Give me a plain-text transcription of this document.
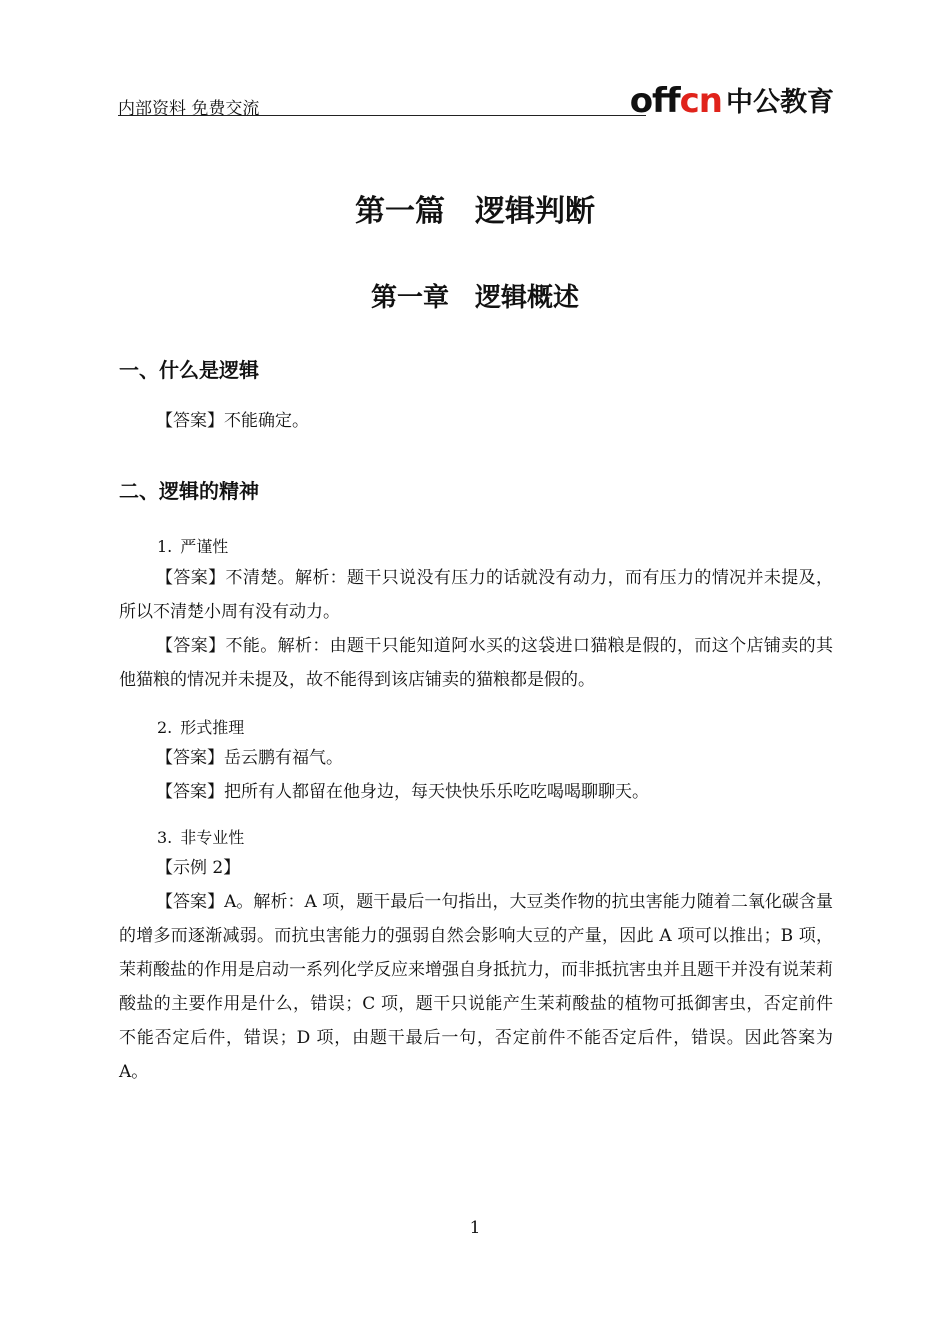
内部资料 免费交流	offcn 中公教育
第一篇　逻辑判断
第一章　逻辑概述
一、什么是逻辑
【答案】不能确定。
二、逻辑的精神
1. 严谨性
【答案】不清楚。解析：题干只说没有压力的话就没有动力，而有压力的情况并未提及，所以不清楚小周有没有动力。
【答案】不能。解析：由题干只能知道阿水买的这袋进口猫粮是假的，而这个店铺卖的其他猫粮的情况并未提及，故不能得到该店铺卖的猫粮都是假的。
2. 形式推理
【答案】岳云鹏有福气。
【答案】把所有人都留在他身边，每天快快乐乐吃吃喝喝聊聊天。
3. 非专业性
【示例 2】
【答案】A。解析：A 项，题干最后一句指出，大豆类作物的抗虫害能力随着二氧化碳含量的增多而逐渐减弱。而抗虫害能力的强弱自然会影响大豆的产量，因此 A 项可以推出；B 项，茉莉酸盐的作用是启动一系列化学反应来增强自身抵抗力，而非抵抗害虫并且题干并没有说茉莉酸盐的主要作用是什么，错误；C 项，题干只说能产生茉莉酸盐的植物可抵御害虫，否定前件不能否定后件，错误；D 项，由题干最后一句，否定前件不能否定后件，错误。因此答案为 A。
1
